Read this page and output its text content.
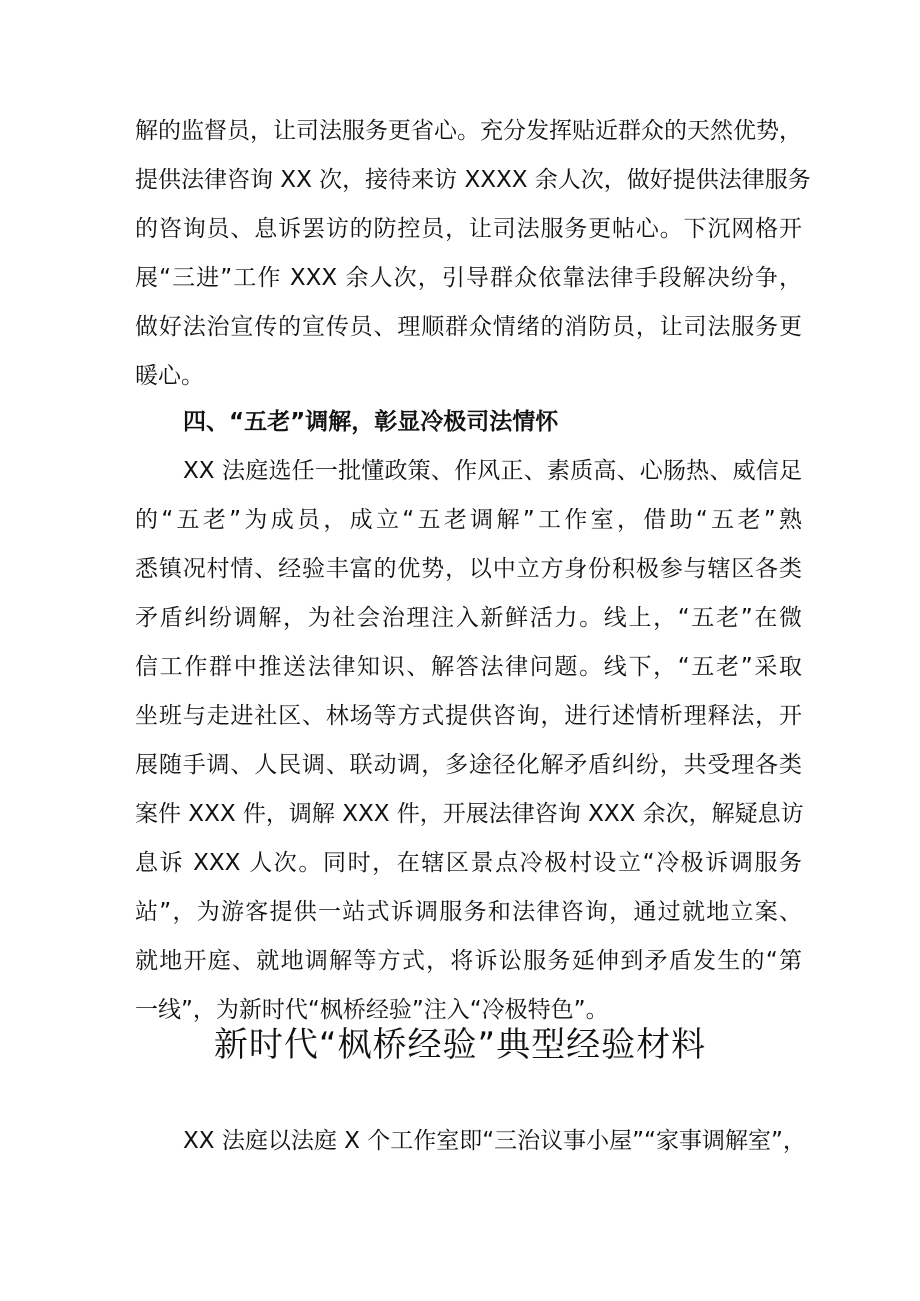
解的监督员，让司法服务更省心。充分发挥贴近群众的天然优势，
提供法律咨询 XX 次，接待来访 XXXX 余人次，做好提供法律服务
的咨询员、息诉罢访的防控员，让司法服务更帖心。下沉网格开
展“三进”工作 XXX 余人次，引导群众依靠法律手段解决纷争，
做好法治宣传的宣传员、理顺群众情绪的消防员，让司法服务更
暖心。
四、“五老”调解，彰显冷极司法情怀
XX 法庭选任一批懂政策、作风正、素质高、心肠热、威信足
的“五老”为成员，成立“五老调解”工作室，借助“五老”熟
悉镇况村情、经验丰富的优势，以中立方身份积极参与辖区各类
矛盾纠纷调解，为社会治理注入新鲜活力。线上，“五老”在微
信工作群中推送法律知识、解答法律问题。线下，“五老”采取
坐班与走进社区、林场等方式提供咨询，进行述情析理释法，开
展随手调、人民调、联动调，多途径化解矛盾纠纷，共受理各类
案件 XXX 件，调解 XXX 件，开展法律咨询 XXX 余次，解疑息访
息诉 XXX 人次。同时，在辖区景点冷极村设立“冷极诉调服务
站”，为游客提供一站式诉调服务和法律咨询，通过就地立案、
就地开庭、就地调解等方式，将诉讼服务延伸到矛盾发生的“第
一线”，为新时代“枫桥经验”注入“冷极特色”。
新时代“枫桥经验”典型经验材料
XX 法庭以法庭 X 个工作室即“三治议事小屋”“家事调解室”，
